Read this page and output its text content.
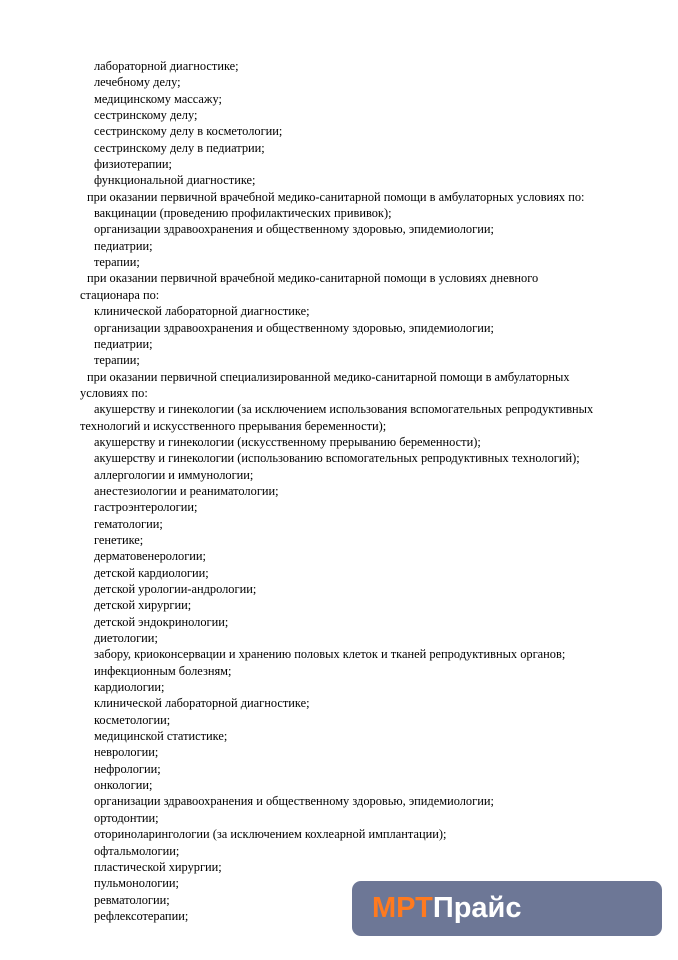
лабораторной диагностике;
лечебному делу;
медицинскому массажу;
сестринскому делу;
сестринскому делу в косметологии;
сестринскому делу в педиатрии;
физиотерапии;
функциональной диагностике;
при оказании первичной врачебной медико-санитарной помощи в амбулаторных условиях по:
вакцинации (проведению профилактических прививок);
организации здравоохранения и общественному здоровью, эпидемиологии;
педиатрии;
терапии;
при оказании первичной врачебной медико-санитарной помощи в условиях дневного
стационара по:
клинической лабораторной диагностике;
организации здравоохранения и общественному здоровью, эпидемиологии;
педиатрии;
терапии;
при оказании первичной специализированной медико-санитарной помощи в амбулаторных
условиях по:
акушерству и гинекологии (за исключением использования вспомогательных репродуктивных
технологий и искусственного прерывания беременности);
акушерству и гинекологии (искусственному прерыванию беременности);
акушерству и гинекологии (использованию вспомогательных репродуктивных технологий);
аллергологии и иммунологии;
анестезиологии и реаниматологии;
гастроэнтерологии;
гематологии;
генетике;
дерматовенерологии;
детской кардиологии;
детской урологии-андрологии;
детской хирургии;
детской эндокринологии;
диетологии;
забору, криоконсервации и хранению половых клеток и тканей репродуктивных органов;
инфекционным болезням;
кардиологии;
клинической лабораторной диагностике;
косметологии;
медицинской статистике;
неврологии;
нефрологии;
онкологии;
организации здравоохранения и общественному здоровью, эпидемиологии;
ортодонтии;
оториноларингологии (за исключением кохлеарной имплантации);
офтальмологии;
пластической хирургии;
пульмонологии;
ревматологии;
рефлексотерапии;	МРТПрайс
